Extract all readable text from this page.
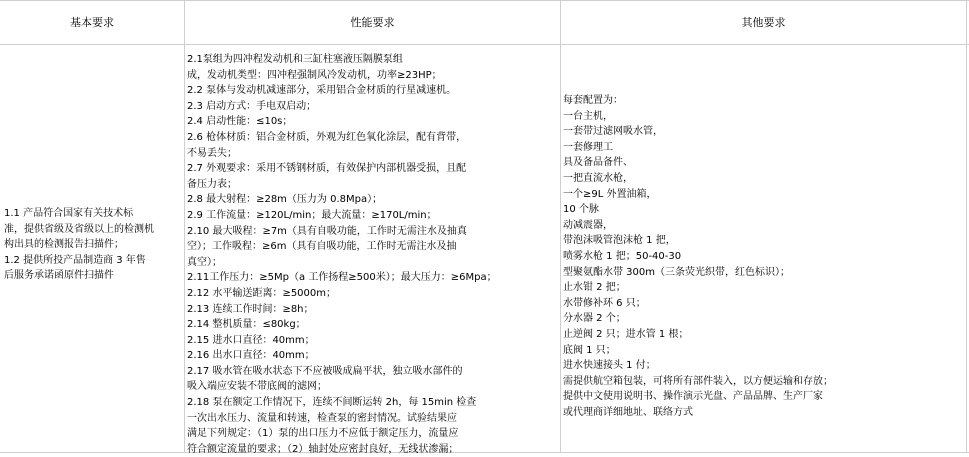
基本要求	性能要求	其他要求
1.1 产品符合国家有关技术标
准，提供省级及省级以上的检测机
构出具的检测报告扫描件；
1.2 提供所投产品制造商 3 年售
后服务承诺函原件扫描件
2.1泵组为四冲程发动机和三缸柱塞液压隔膜泵组
成，发动机类型：四冲程强制风冷发动机，功率≥23HP；
2.2 泵体与发动机减速部分，采用铝合金材质的行星减速机。
2.3 启动方式：手电双启动；
2.4 启动性能：≤10s；
2.6 枪体材质：铝合金材质，外观为红色氧化涂层，配有背带，
不易丢失；
2.7 外观要求：采用不锈钢材质，有效保护内部机器受损，且配
备压力表；
2.8 最大射程：≥28m（压力为 0.8Mpa）；
2.9 工作流量：≥120L/min；最大流量：≥170L/min；
2.10 最大吸程：≥7m（具有自吸功能，工作时无需注水及抽真
空）；工作吸程：≥6m（具有自吸功能，工作时无需注水及抽
真空）；
2.11工作压力：≥5Mp（a 工作扬程≥500米）；最大压力：≥6Mpa；
2.12 水平输送距离：≥5000m；
2.13 连续工作时间：≥8h；
2.14 整机质量：≤80kg；
2.15 进水口直径：40mm；
2.16 出水口直径：40mm；
2.17 吸水管在吸水状态下不应被吸成扁平状，独立吸水部件的
吸入端应安装不带底阀的滤网；
2.18 泵在额定工作情况下，连续不间断运转 2h，每 15min 检查
一次出水压力、流量和转速，检查泵的密封情况。试验结果应
满足下列规定：（1）泵的出口压力不应低于额定压力，流量应
符合额定流量的要求；（2）轴封处应密封良好，无线状渗漏；
每套配置为：
一台主机，
一套带过滤网吸水管，
一套修理工
具及备品备件、
一把直流水枪，
一个≥9L 外置油箱，
10 个脉
动减震器，
带泡沫吸管泡沫枪 1 把，
喷雾水枪 1 把；50-40-30
型聚氨酯水带 300m（三条荧光织带，红色标识）；
止水钳 2 把；
水带修补环 6 只；
分水器 2 个；
止逆阀 2 只；进水管 1 根；
底阀 1 只；
进水快速接头 1 付；
需提供航空箱包装，可将所有部件装入，以方便运输和存放；
提供中文使用说明书、操作演示光盘、产品品牌、生产厂家
或代理商详细地址、联络方式
